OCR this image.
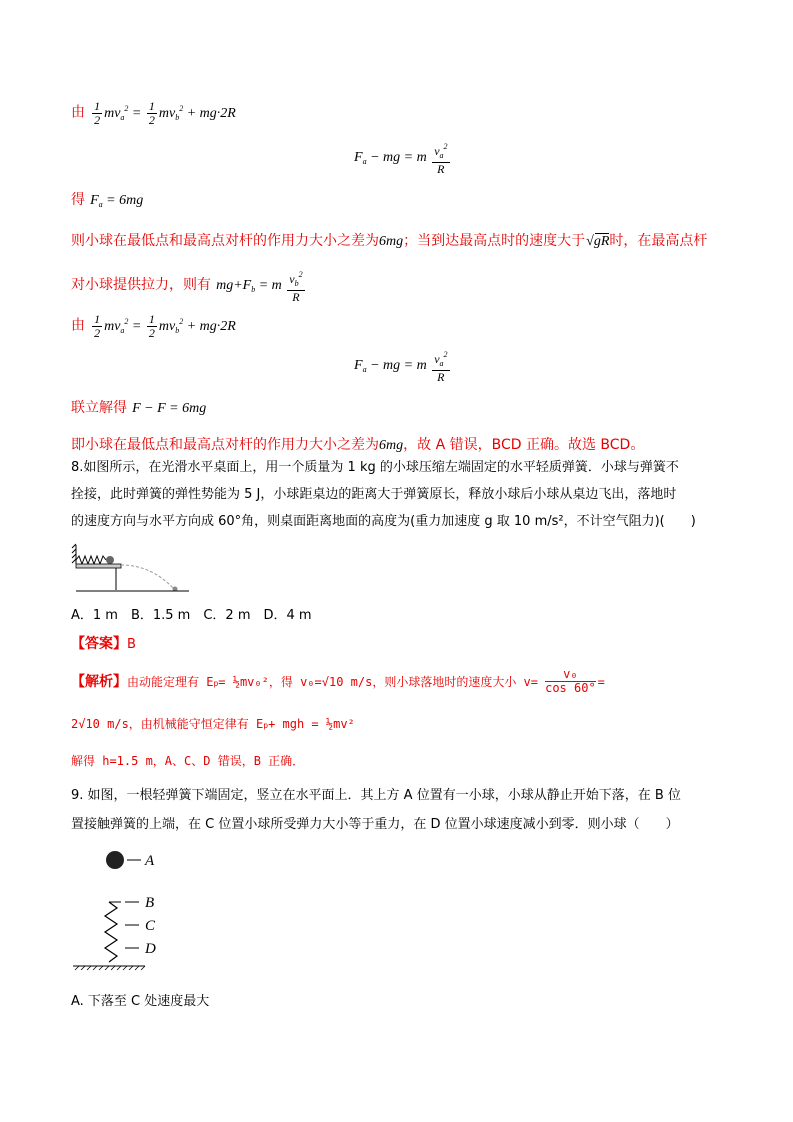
由 $\frac{1}{2} mv_a^2 = \frac{1}{2} mv_b^2 + mg\cdot 2R$
$F_a$ − mg = m $\frac{v_a^2}{R}$
得 $F_a = 6mg$
则小球在最低点和最高点对杆的作用力大小之差为6mg；当到达最高点时的速度大于√ gR时，在最高点杆
对小球提供拉力，则有 $mg+F_b = m \frac{v_b^2}{R}$
由 $\frac{1}{2} mv_a^2 = \frac{1}{2} mv_b^2 + mg\cdot 2R$
$F_a$ − mg = m $\frac{v_a^2}{R}$
联立解得 F − F = 6mg
即小球在最低点和最高点对杆的作用力大小之差为6mg，故 A 错误，BCD 正确。故选 BCD。
8.如图所示，在光滑水平桌面上，用一个质量为 1 kg 的小球压缩左端固定的水平轻质弹簧．小球与弹簧不
拴接，此时弹簧的弹性势能为 5 J，小球距桌边的距离大于弹簧原长，释放小球后小球从桌边飞出，落地时
的速度方向与水平方向成 60°角，则桌面距离地面的高度为(重力加速度 g 取 10 m/s²，不计空气阻力)(　　)
A．1 m　B．1.5 m　C．2 m　D．4 m
【答案】B
【解析】由动能定理有 Ep= ½mv₀²，得 v₀=√10 m/s，则小球落地时的速度大小 $v= \frac{\text{v₀}}{\cos 60^\circ}$ =
2√10 m/s，由机械能守恒定律有 Ep+ mgh = ½mv²
解得 h=1.5 m，A、C、D 错误，B 正确．
9. 如图，一根轻弹簧下端固定，竖立在水平面上．其上方 A 位置有一小球，小球从静止开始下落，在 B 位
置接触弹簧的上端，在 C 位置小球所受弹力大小等于重力，在 D 位置小球速度减小到零．则小球（　　）
A
B
C
D
A. 下落至 C 处速度最大
